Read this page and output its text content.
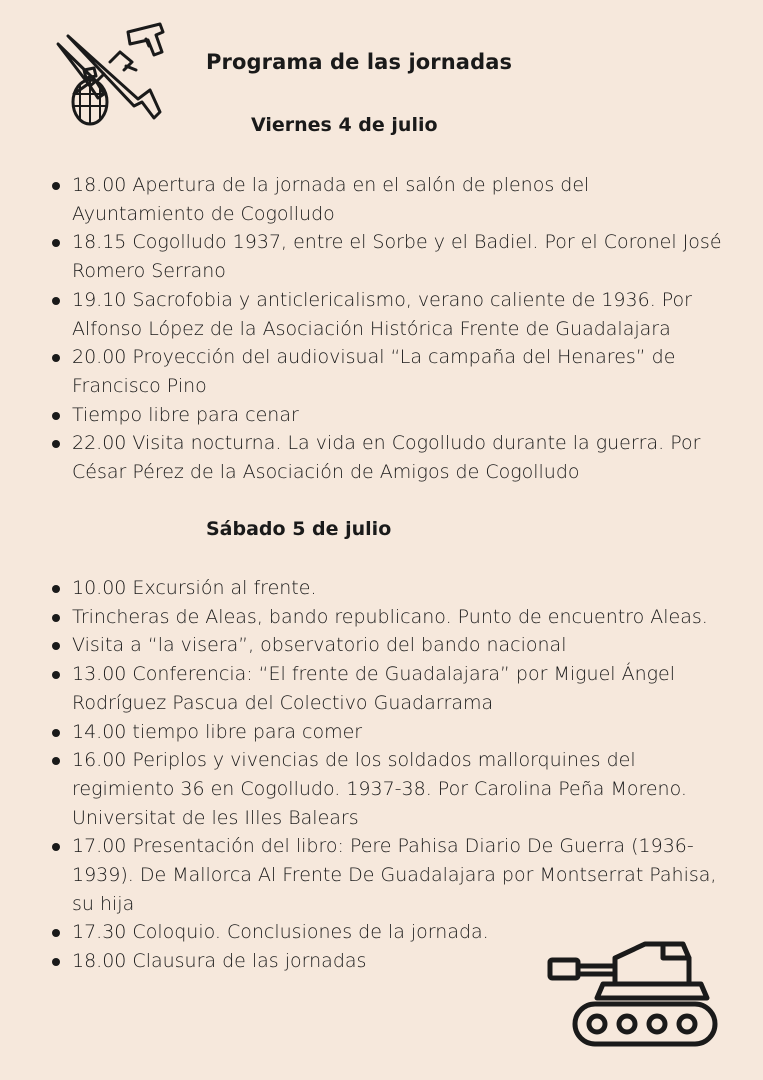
Programa de las jornadas
Viernes 4 de julio
18.00 Apertura de la jornada en el salón de plenos del Ayuntamiento de Cogolludo
18.15 Cogolludo 1937, entre el Sorbe y el Badiel. Por el Coronel José Romero Serrano
19.10 Sacrofobia y anticlericalismo, verano caliente de 1936. Por Alfonso López de la Asociación Histórica Frente de Guadalajara
20.00 Proyección del audiovisual “La campaña del Henares” de Francisco Pino
Tiempo libre para cenar
22.00 Visita nocturna. La vida en Cogolludo durante la guerra. Por César Pérez de la Asociación de Amigos de Cogolludo
Sábado 5 de julio
10.00 Excursión al frente.
Trincheras de Aleas, bando republicano. Punto de encuentro Aleas.
Visita a “la visera”, observatorio del bando nacional
13.00 Conferencia: “El frente de Guadalajara” por Miguel Ángel Rodríguez Pascua del Colectivo Guadarrama
14.00 tiempo libre para comer
16.00 Periplos y vivencias de los soldados mallorquines del regimiento 36 en Cogolludo. 1937-38. Por Carolina Peña Moreno. Universitat de les Illes Balears
17.00 Presentación del libro: Pere Pahisa Diario De Guerra (1936-1939). De Mallorca Al Frente De Guadalajara por Montserrat Pahisa, su hija
17.30 Coloquio. Conclusiones de la jornada.
18.00 Clausura de las jornadas
